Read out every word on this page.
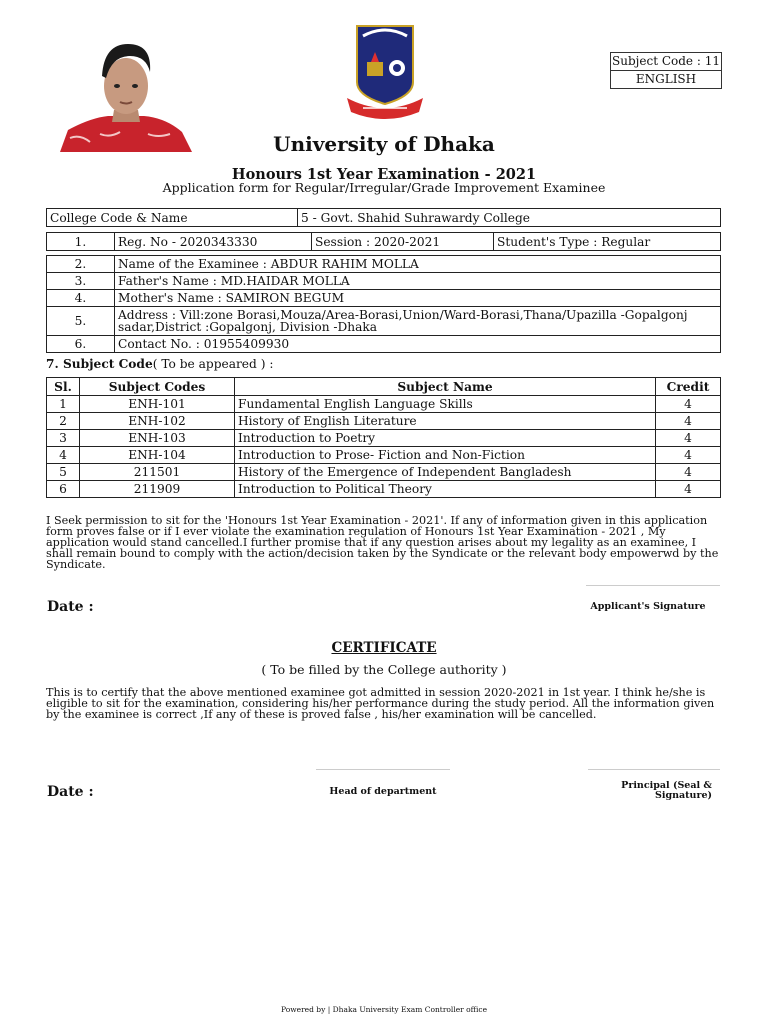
Subject Code : 11
ENGLISH
University of Dhaka
Honours 1st Year Examination - 2021
Application form for Regular/Irregular/Grade Improvement Examinee
College Code & Name	5 - Govt. Shahid Suhrawardy College
1.	Reg. No - 2020343330	Session : 2020-2021	Student's Type : Regular
2.	Name of the Examinee : ABDUR RAHIM MOLLA
3.	Father's Name : MD.HAIDAR MOLLA
4.	Mother's Name : SAMIRON BEGUM
5.	Address : Vill:zone Borasi,Mouza/Area-Borasi,Union/Ward-Borasi,Thana/Upazilla -Gopalgonj sadar,District :Gopalgonj, Division -Dhaka
6.	Contact No. : 01955409930
7. Subject Code( To be appeared ) :
Sl.	Subject Codes	Subject Name	Credit
1	ENH-101	Fundamental English Language Skills	4
2	ENH-102	History of English Literature	4
3	ENH-103	Introduction to Poetry	4
4	ENH-104	Introduction to Prose- Fiction and Non-Fiction	4
5	211501	History of the Emergence of Independent Bangladesh	4
6	211909	Introduction to Political Theory	4
I Seek permission to sit for the 'Honours 1st Year Examination - 2021'. If any of information given in this application form proves false or if I ever violate the examination regulation of Honours 1st Year Examination - 2021 , My application would stand cancelled.I further promise that if any question arises about my legality as an examinee, I shall remain bound to comply with the action/decision taken by the Syndicate or the relevant body empowerwd by the Syndicate.
Date :	Applicant's Signature
CERTIFICATE
( To be filled by the College authority )
This is to certify that the above mentioned examinee got admitted in session 2020-2021 in 1st year. I think he/she is eligible to sit for the examination, considering his/her performance during the study period. All the information given by the examinee is correct ,If any of these is proved false , his/her examination will be cancelled.
Date :	Head of department
Principal (Seal & Signature)
Powered by | Dhaka University Exam Controller office
